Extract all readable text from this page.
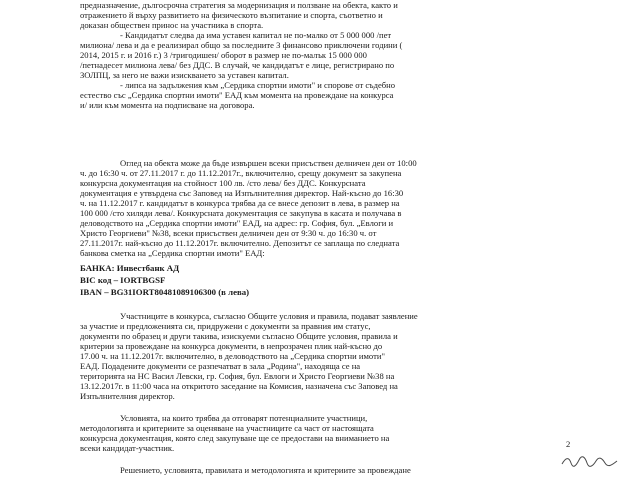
предназначение, дългосрочна стратегия за модернизация и ползване на обекта, както и
отражението й върху развитието на физическото възпитание и спорта, съответно и
доказан обществен принос на участника в спорта.
- Кандидатът следва да има уставен капитал не по-малко от 5 000 000 /пет
милиона/ лева и да е реализирал общо за последните 3 финансово приключени години (
2014, 2015 г. и 2016 г.) 3 /тригодишен/ оборот в размер не по-малък 15 000 000
/петнадесет милиона лева/ без ДДС. В случай, че кандидатът е лице, регистрирано по
ЗОЛПЦ, за него не важи изискването за уставен капитал.
- липса на задължения към „Сердика спортни имоти" и спорове от съдебно
естество със „Сердика спортни имоти" ЕАД към момента на провеждане на конкурса
и/ или към момента на подписване на договора.
Оглед на обекта може да бъде извършен всеки присъствен делничен ден от 10:00
ч. до 16:30 ч. от 27.11.2017 г. до 11.12.2017г., включително, срещу документ за закупена
конкурсна документация на стойност 100 лв. /сто лева/ без ДДС. Конкурсната
документация е утвърдена със Заповед на Изпълнителния директор. Най-късно до 16:30
ч. на 11.12.2017 г. кандидатът в конкурса трябва да се внесе депозит в лева, в размер на
100 000 /сто хиляди лева/. Конкурсната документация се закупува в касата и получава в
деловодството на „Сердика спортни имоти" ЕАД, на адрес: гр. София, бул. „Евлоги и
Христо Георгиеви" №38, всеки присъствен делничен ден от 9:30 ч. до 16:30 ч. от
27.11.2017г. най-късно до 11.12.2017г. включително. Депозитът се заплаща по следната
банкова сметка на „Сердика спортни имоти" ЕАД:
БАНКА: Инвестбанк АД
BIC код – IORTBGSF
IBAN – BG31IORT80481089106300 (в лева)
Участниците в конкурса, съгласно Общите условия и правила, подават заявление
за участие и предложенията си, придружени с документи за правния им статус,
документи по образец и други такива, изискуеми съгласно Общите условия, правила и
критерии за провеждане на конкурса документи, в непрозрачен плик най-късно до
17.00 ч. на 11.12.2017г. включително, в деловодството на „Сердика спортни имоти"
ЕАД. Подадените документи се разпечатват в зала „Родина", находяща се на
територията на НС Васил Левски, гр. София, бул. Евлоги и Христо Георгиеви №38 на
13.12.2017г. в 11:00 часа на откритото заседание на Комисия, назначена със Заповед на
Изпълнителния директор.
Условията, на които трябва да отговарят потенциалните участници,
методологията и критериите за оценяване на участниците са част от настоящата
конкурсна документация, която след закупуване ще се предостави на вниманието на
всеки кандидат-участник.
Решението, условията, правилата и методологията и критериите за провеждане
2
